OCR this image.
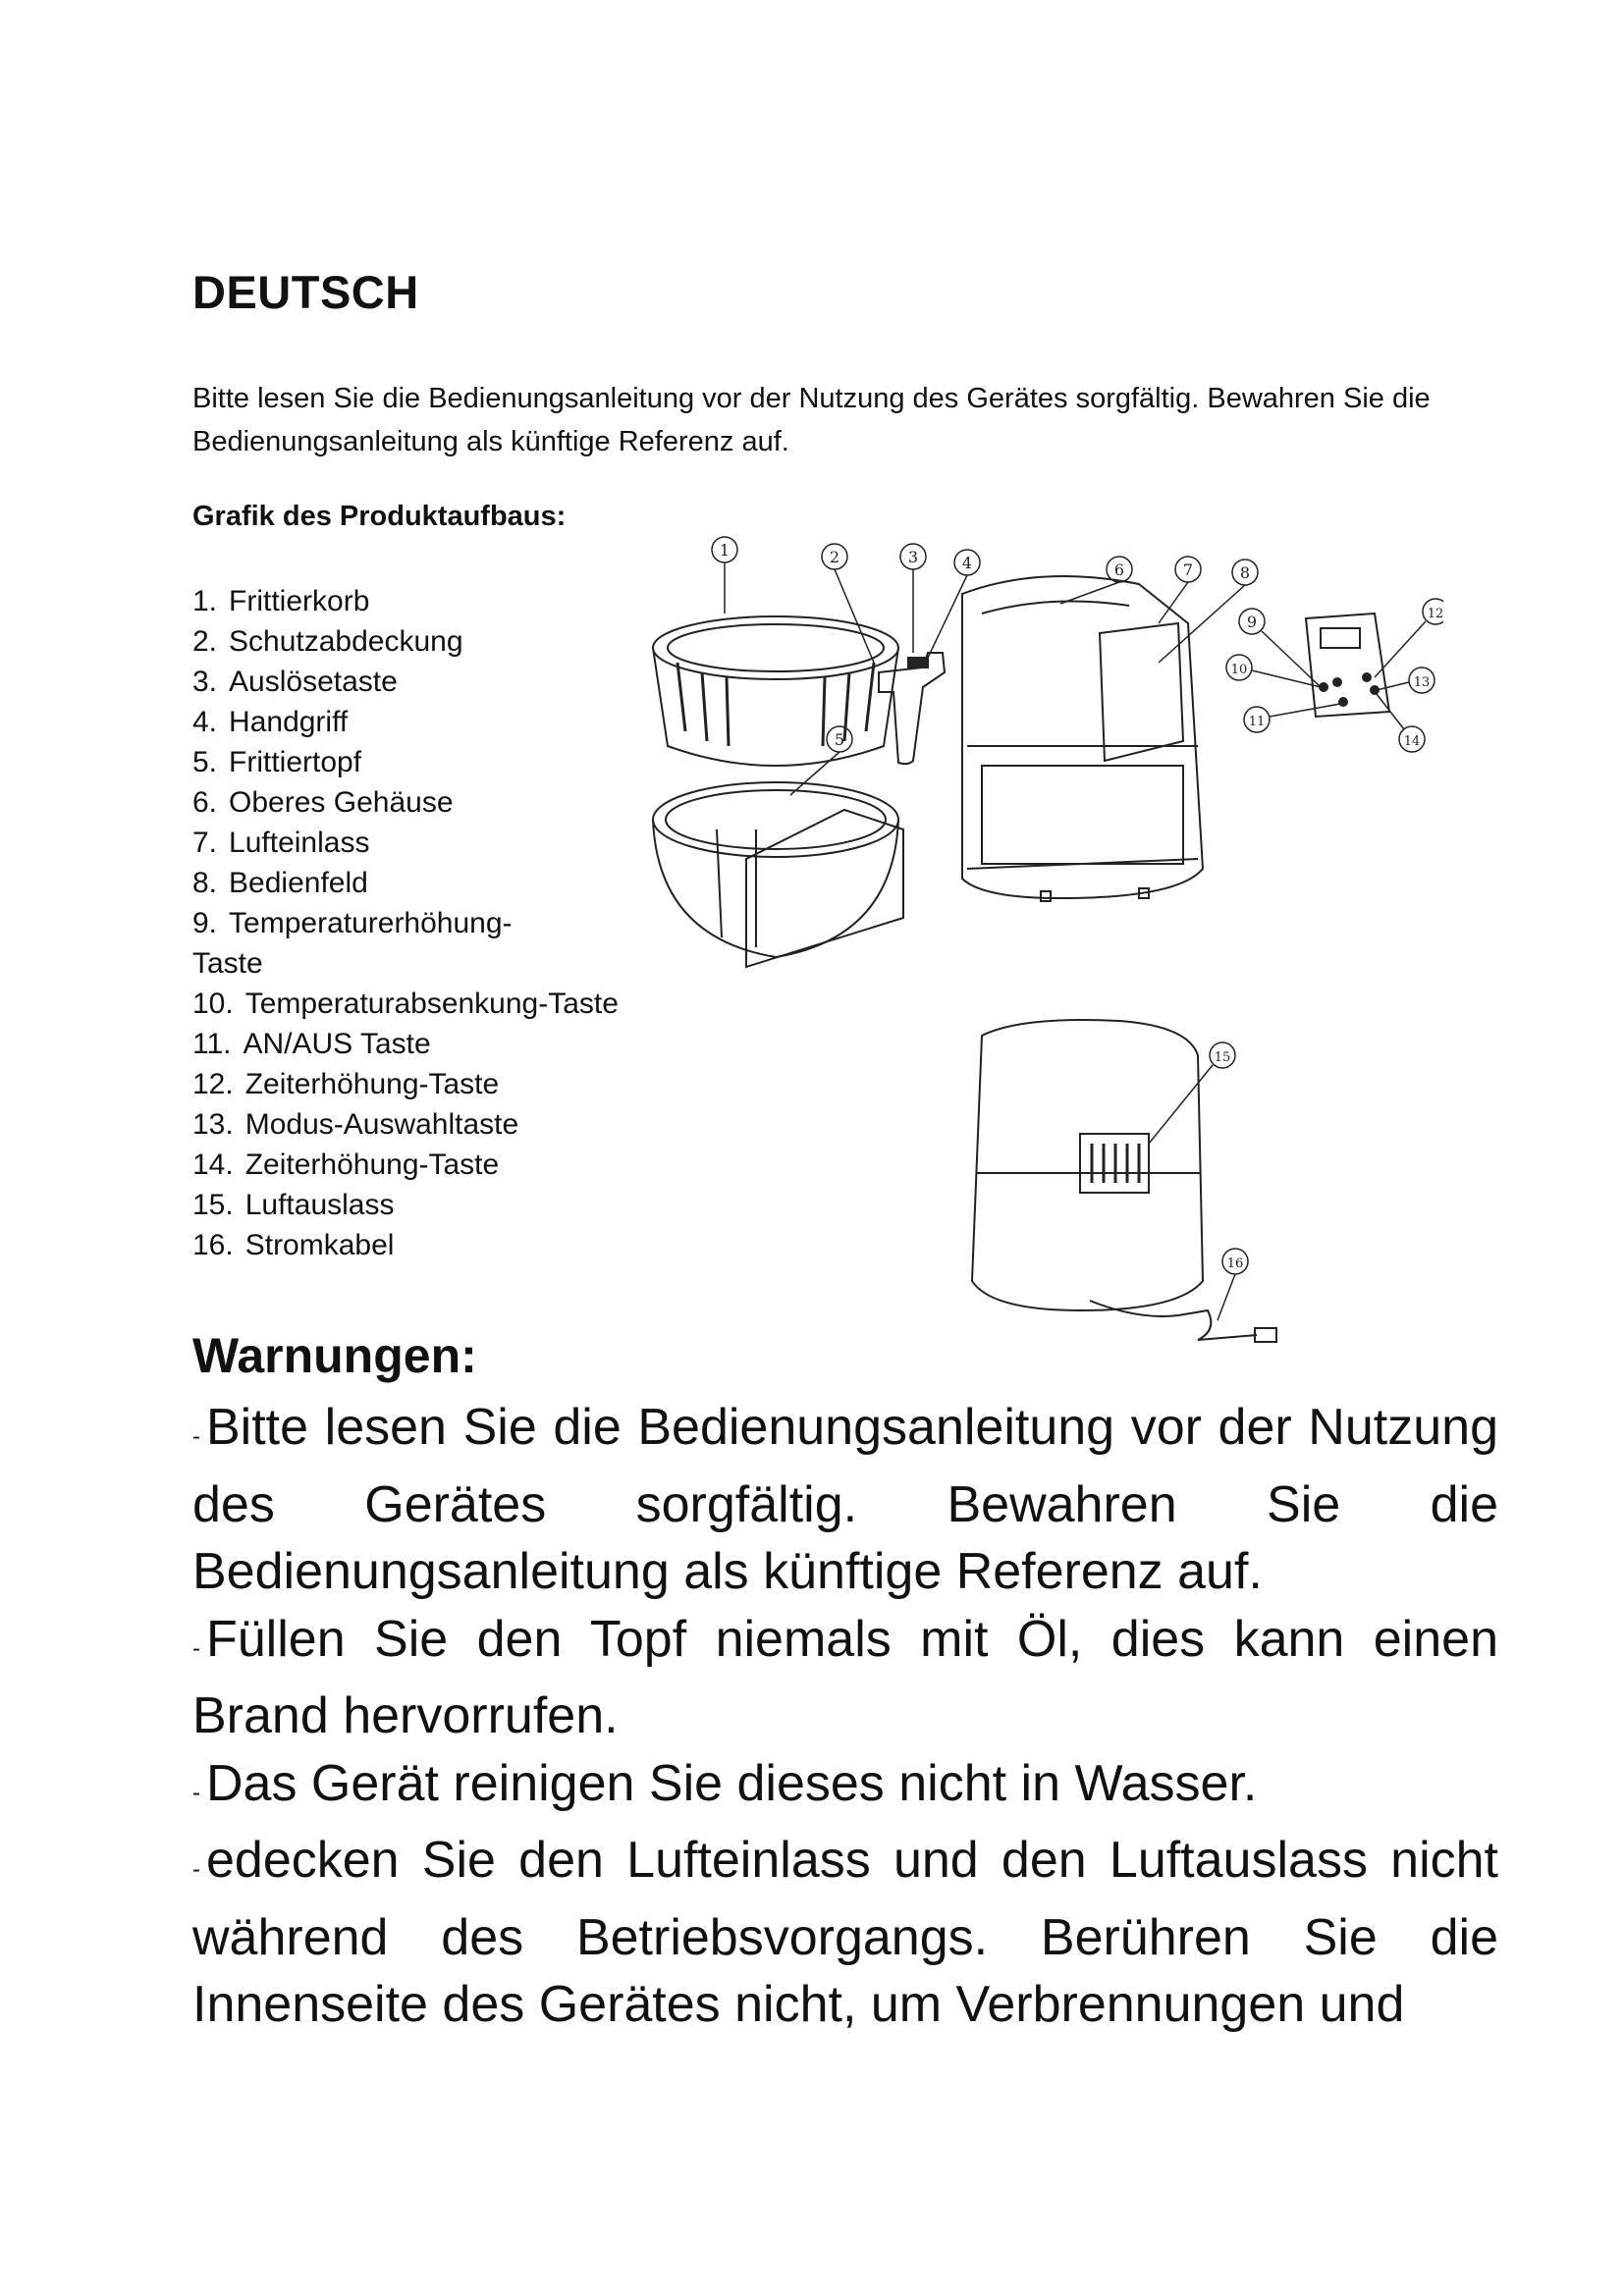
DEUTSCH

Bitte lesen Sie die Bedienungsanleitung vor der Nutzung des Gerätes sorgfältig. Bewahren Sie die Bedienungsanleitung als künftige Referenz auf.

Grafik des Produktaufbaus:

1. Frittierkorb
2. Schutzabdeckung
3. Auslösetaste
4. Handgriff
5. Frittiertopf
6. Oberes Gehäuse
7. Lufteinlass
8. Bedienfeld
9. Temperaturerhöhung-Taste
10. Temperaturabsenkung-Taste
11. AN/AUS Taste
12. Zeiterhöhung-Taste
13. Modus-Auswahltaste
14. Zeiterhöhung-Taste
15. Luftauslass
16. Stromkabel
1	2	3	4
5
6	7	8
9
10
11
12
13
14
15
16
Warnungen:

- Bitte lesen Sie die Bedienungsanleitung vor der Nutzung des Gerätes sorgfältig. Bewahren Sie die Bedienungsanleitung als künftige Referenz auf.

- Füllen Sie den Topf niemals mit Öl, dies kann einen Brand hervorrufen.

- Das Gerät reinigen Sie dieses nicht in Wasser.

- edecken Sie den Lufteinlass und den Luftauslass nicht während des Betriebsvorgangs. Berühren Sie die Innenseite des Gerätes nicht, um Verbrennungen und
